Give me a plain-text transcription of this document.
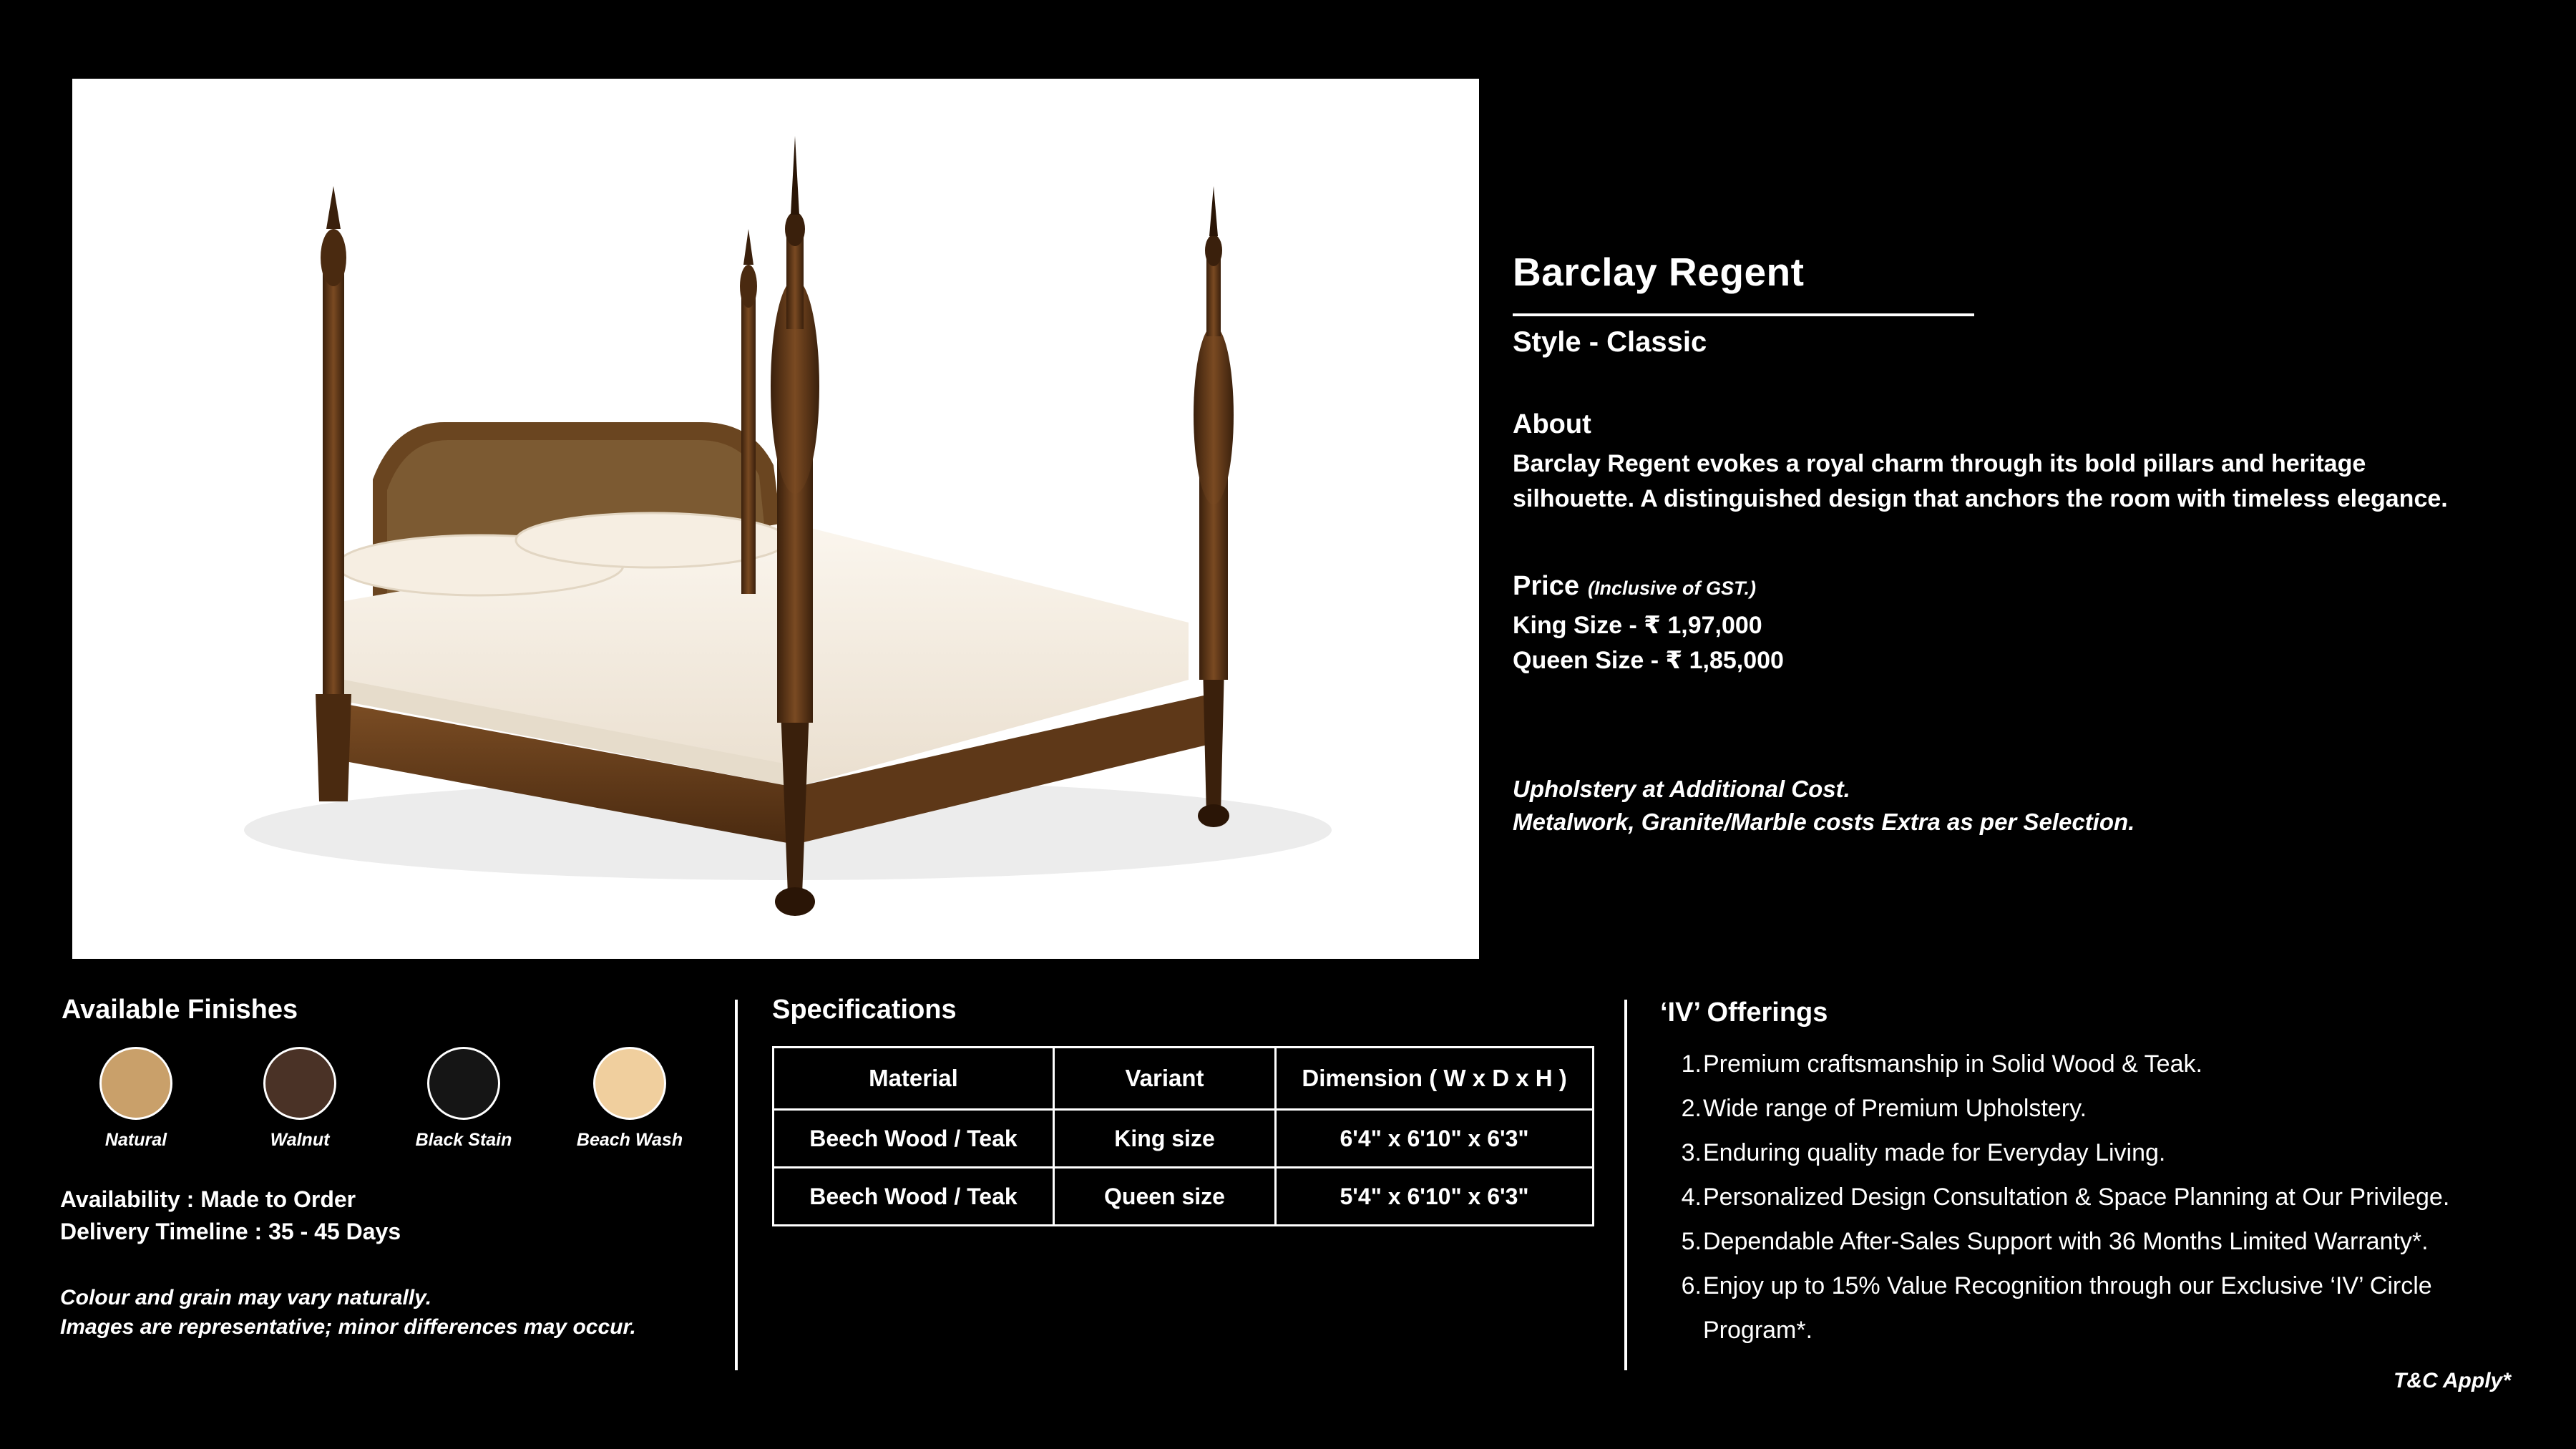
Barclay Regent
Style - Classic
About
Barclay Regent evokes a royal charm through its bold pillars and heritage silhouette. A distinguished design that anchors the room with timeless elegance.
Price (Inclusive of GST.)
King Size - ₹ 1,97,000
Queen Size - ₹ 1,85,000
Upholstery at Additional Cost.
Metalwork, Granite/Marble costs Extra as per Selection.
Available Finishes
Natural	Walnut	Black Stain	Beach Wash
Availability : Made to Order
Delivery Timeline : 35 - 45 Days
Colour and grain may vary naturally.
Images are representative; minor differences may occur.
Specifications
Material	Variant	Dimension ( W x D x H )
Beech Wood / Teak	King size	6'4" x 6'10" x 6'3"
Beech Wood / Teak	Queen size	5'4" x 6'10" x 6'3"
‘IV’ Offerings
1. Premium craftsmanship in Solid Wood & Teak.
2. Wide range of Premium Upholstery.
3. Enduring quality made for Everyday Living.
4. Personalized Design Consultation & Space Planning at Our Privilege.
5. Dependable After-Sales Support with 36 Months Limited Warranty*.
6. Enjoy up to 15% Value Recognition through our Exclusive ‘IV’ Circle Program*.
T&C Apply*
